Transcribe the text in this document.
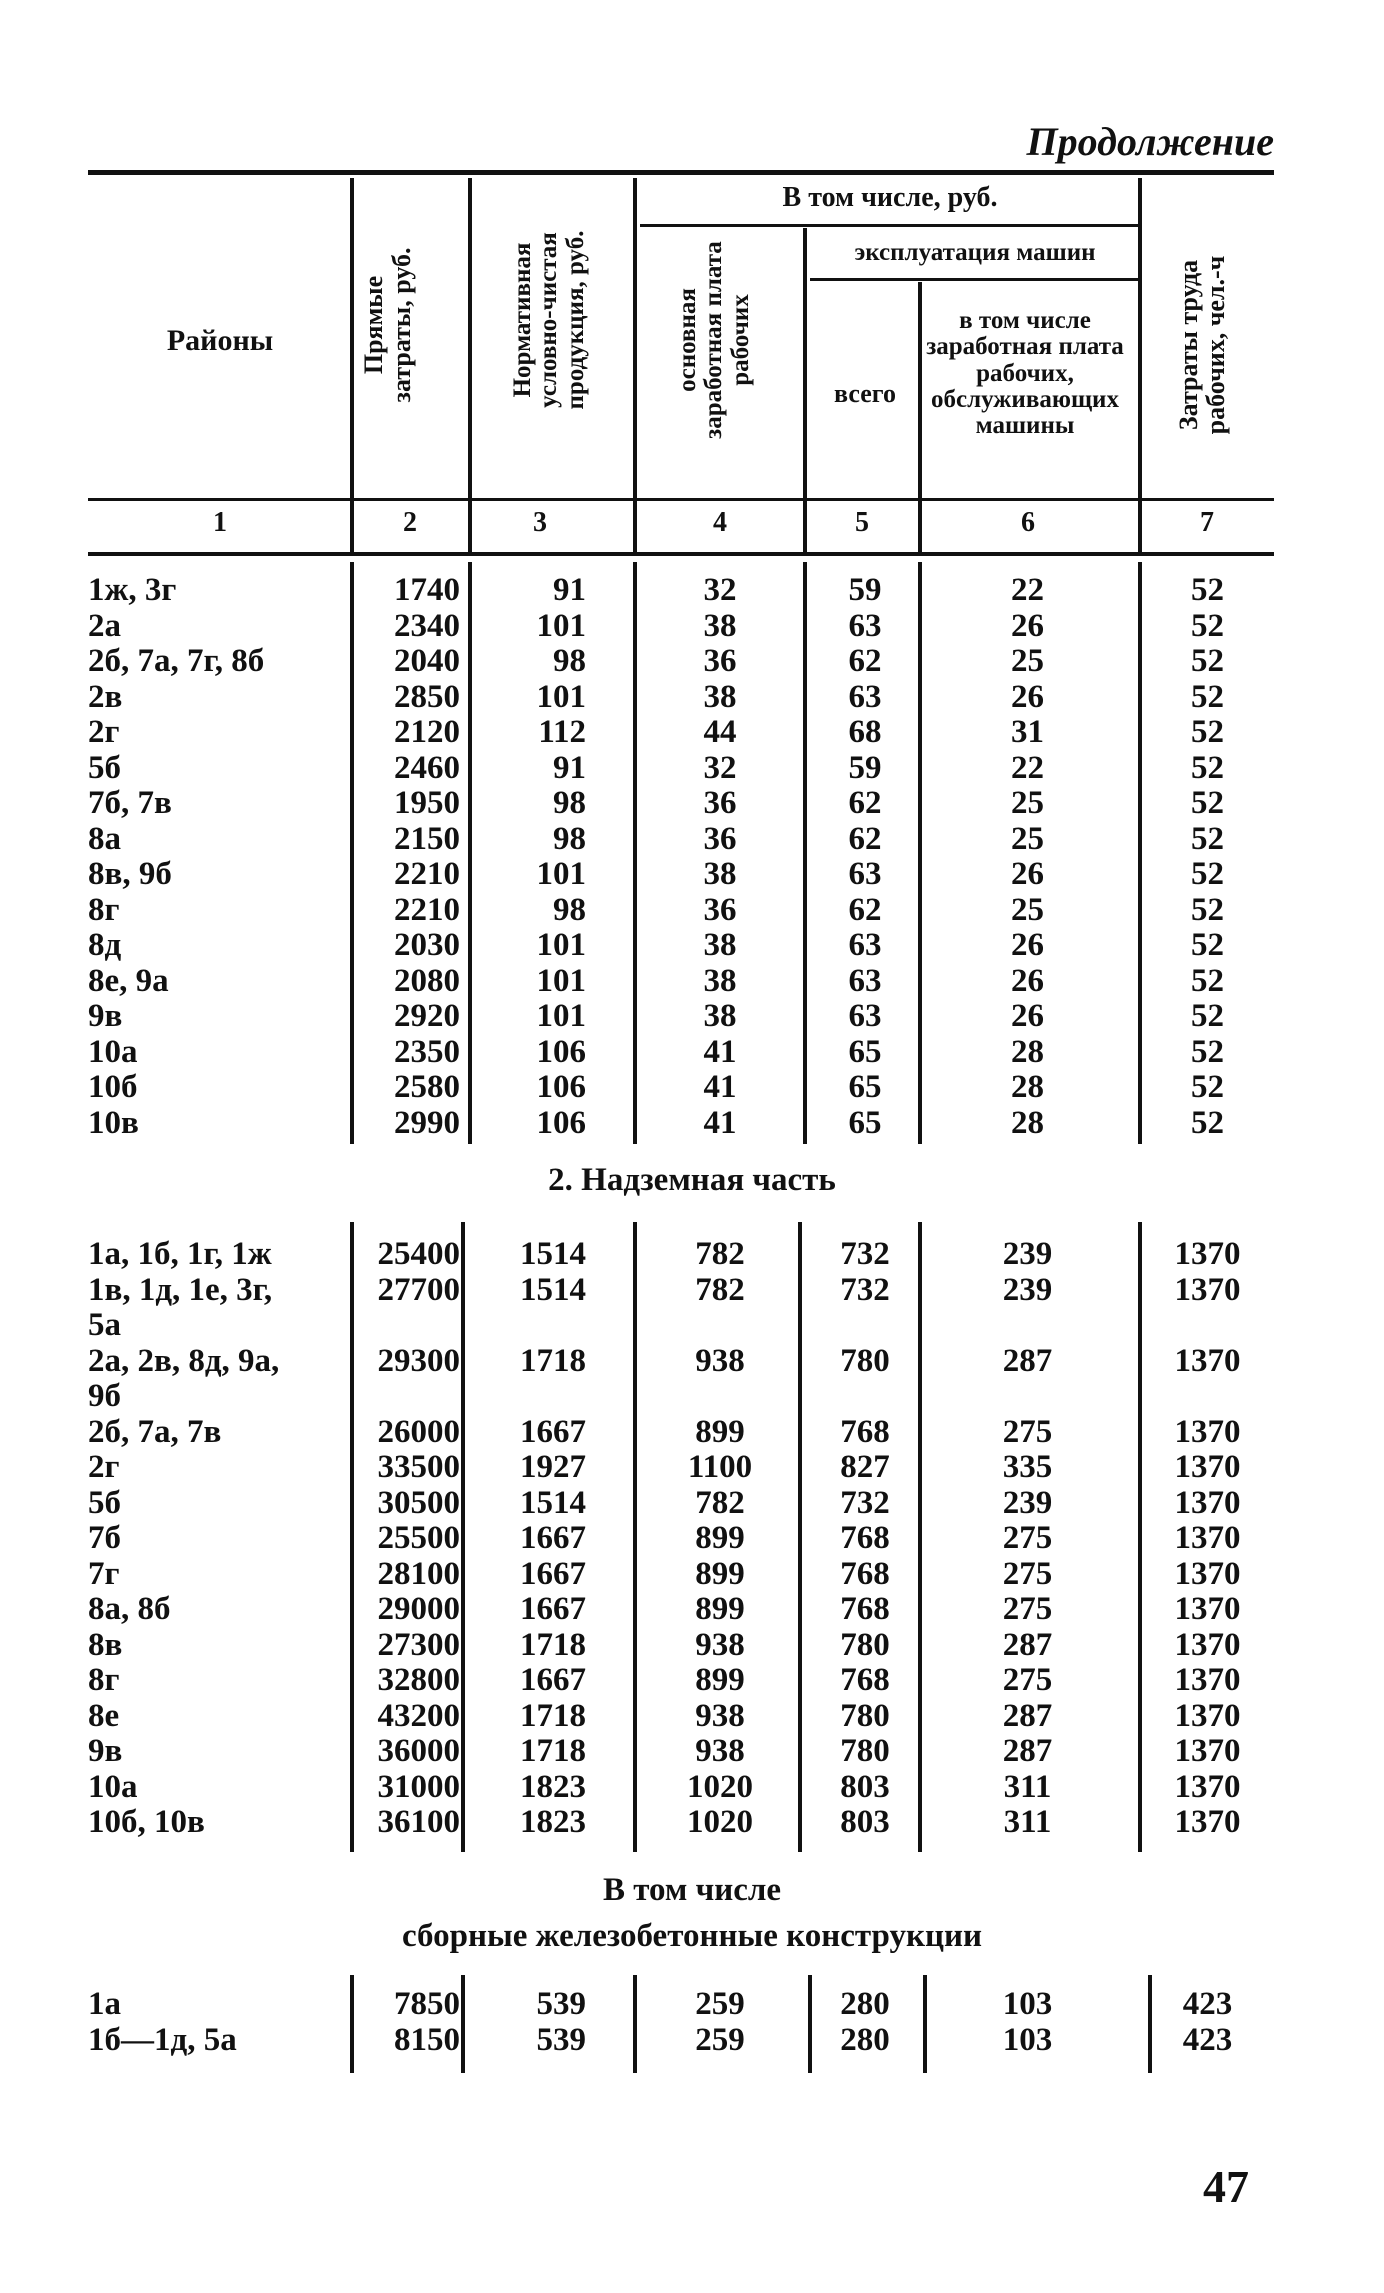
Продолжение
Районы	Прямые затраты, руб.	Нормативная условно-чистая продукция, руб.
В том числе, руб.
основная заработная плата рабочих
эксплуатация машин
всего
в том числе заработная плата рабочих, обслуживающих машины	Затраты труда рабочих, чел.-ч
1	2	3	4	5	6	7
1ж, 3г	1740	91	32	59	22	52
2а	2340	101	38	63	26	52
2б, 7а, 7г, 8б	2040	98	36	62	25	52
2в	2850	101	38	63	26	52
2г	2120	112	44	68	31	52
5б	2460	91	32	59	22	52
7б, 7в	1950	98	36	62	25	52
8а	2150	98	36	62	25	52
8в, 9б	2210	101	38	63	26	52
8г	2210	98	36	62	25	52
8д	2030	101	38	63	26	52
8е, 9а	2080	101	38	63	26	52
9в	2920	101	38	63	26	52
10а	2350	106	41	65	28	52
10б	2580	106	41	65	28	52
10в	2990	106	41	65	28	52
2. Надземная часть
1а, 1б, 1г, 1ж	25400	1514	782	732	239	1370
1в, 1д, 1е, 3г,	27700	1514	782	732	239	1370
5а
2а, 2в, 8д, 9а,	29300	1718	938	780	287	1370
9б
2б, 7а, 7в	26000	1667	899	768	275	1370
2г	33500	1927	1100	827	335	1370
5б	30500	1514	782	732	239	1370
7б	25500	1667	899	768	275	1370
7г	28100	1667	899	768	275	1370
8а, 8б	29000	1667	899	768	275	1370
8в	27300	1718	938	780	287	1370
8г	32800	1667	899	768	275	1370
8е	43200	1718	938	780	287	1370
9в	36000	1718	938	780	287	1370
10а	31000	1823	1020	803	311	1370
10б, 10в	36100	1823	1020	803	311	1370
В том числе
сборные железобетонные конструкции
1а	7850	539	259	280	103	423
1б—1д, 5а	8150	539	259	280	103	423
47
